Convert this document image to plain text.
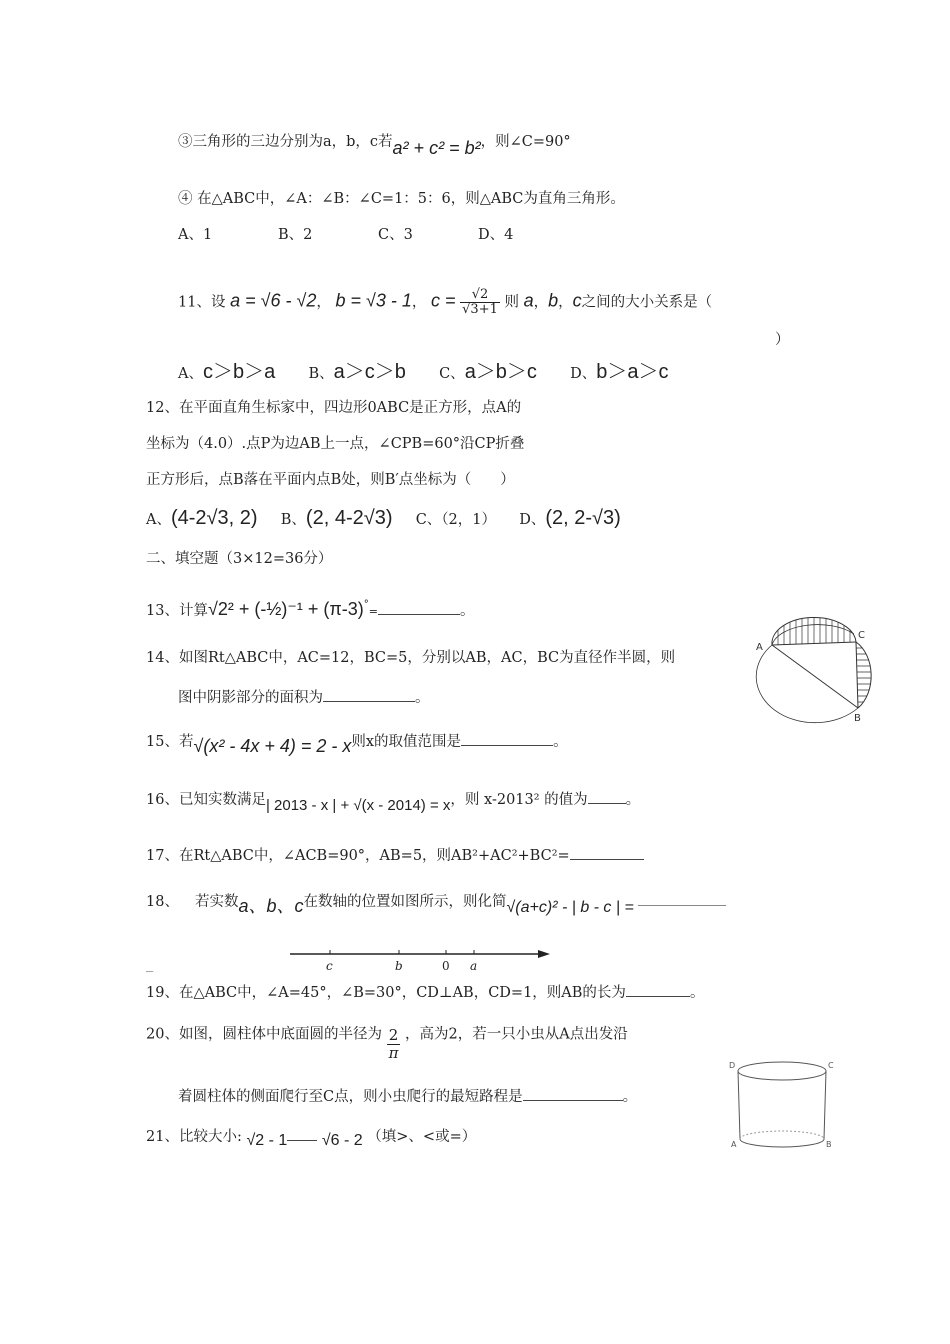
③三角形的三边分别为a，b，c若a² + c² = b²，则∠C=90°
④ 在△ABC中，∠A：∠B：∠C=1：5：6，则△ABC为直角三角形。
A、1	B、2	C、3	D、4
11、设 a = √6 - √2， b = √3 - 1， $c = \frac{√2}{√3+1}$ 则 a，b，c之间的大小关系是（
）
A、c＞b＞a B、a＞c＞b C、a＞b＞c D、b＞a＞c
12、在平面直角生标家中，四边形0ABC是正方形，点A的
坐标为（4.0）.点P为边AB上一点，∠CPB=60°沿CP折叠
正方形后，点B落在平面内点B处，则B′点坐标为（　　）
A、(4-2√3, 2) B、(2, 4-2√3) C、（2，1） D、(2, 2-√3)
二、填空题（3×12=36分）
13、计算√2² + (-½)⁻¹ + (π-3)°=	。
14、如图Rt△ABC中，AC=12，BC=5，分别以AB，AC，BC为直径作半圆，则
图中阴影部分的面积为	。
A
C
B
15、若√(x² - 4x + 4) = 2 - x则x的取值范围是	。
16、已知实数满足| 2013 - x | + √(x - 2014) = x，则 x-2013² 的值为	。
17、在Rt△ABC中，∠ACB=90°，AB=5，则AB²+AC²+BC²=
18、 若实数a、b、c在数轴的位置如图所示，则化简√(a+c)² - | b - c | =
_	c	b	0 a
19、在△ABC中，∠A=45°，∠B=30°，CD⊥AB，CD=1，则AB的长为	。
20、如图，圆柱体中底面圆的半径为 $\frac{2}{\pi}$ ，高为2，若一只小虫从A点出发沿
着圆柱体的侧面爬行至C点，则小虫爬行的最短路程是	。
D	C
A	B
21、比较大小: √2 - 1 √6 - 2 （填>、<或=）
